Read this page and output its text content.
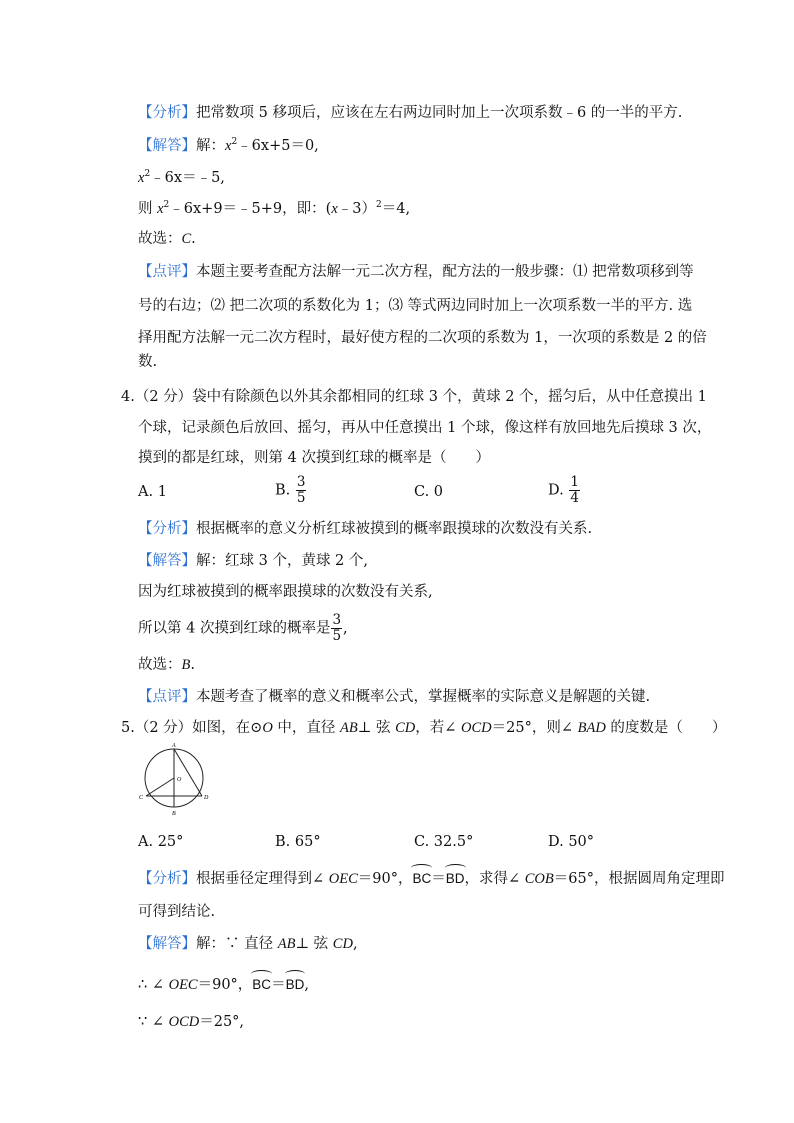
【分析】把常数项 5 移项后，应该在左右两边同时加上一次项系数﹣6 的一半的平方.
【解答】解：$x^2﹣6x+5=0$,
$x^2﹣6x=﹣5$,
则 $x^2﹣6x+9=﹣5+9$，即：(x﹣3）$^2$＝4,
故选：C.
【点评】本题主要考查配方法解一元二次方程，配方法的一般步骤：⑴ 把常数项移到等
号的右边；⑵ 把二次项的系数化为 1；⑶ 等式两边同时加上一次项系数一半的平方. 选
择用配方法解一元二次方程时，最好使方程的二次项的系数为 1，一次项的系数是 2 的倍
数.
4.（2 分）袋中有除颜色以外其余都相同的红球 3 个，黄球 2 个，摇匀后，从中任意摸出 1
个球，记录颜色后放回、摇匀，再从中任意摸出 1 个球，像这样有放回地先后摸球 3 次，
摸到的都是红球，则第 4 次摸到红球的概率是（　　）
A. 1	B. $\frac{3}{5}$	C. 0	D. $\frac{1}{4}$
【分析】根据概率的意义分析红球被摸到的概率跟摸球的次数没有关系.
【解答】解：红球 3 个，黄球 2 个,
因为红球被摸到的概率跟摸球的次数没有关系,
所以第 4 次摸到红球的概率是 $\frac{3}{5}$ ,
故选：B.
【点评】本题考查了概率的意义和概率公式，掌握概率的实际意义是解题的关键.
5.（2 分）如图，在⊙O 中，直径 AB⊥ 弦 CD，若∠ OCD＝25°，则∠ BAD 的度数是（　　）
A
O
C	D
B
A. 25°	B. 65°	C. 32.5°	D. 50°
【分析】根据垂径定理得到∠ OEC＝90°，BC＝BD，求得∠ COB＝65°，根据圆周角定理即
可得到结论.
【解答】解：∵ 直径 AB⊥ 弦 CD,
∴ ∠ OEC＝90°，BC＝BD,
∵ ∠ OCD＝25°,
